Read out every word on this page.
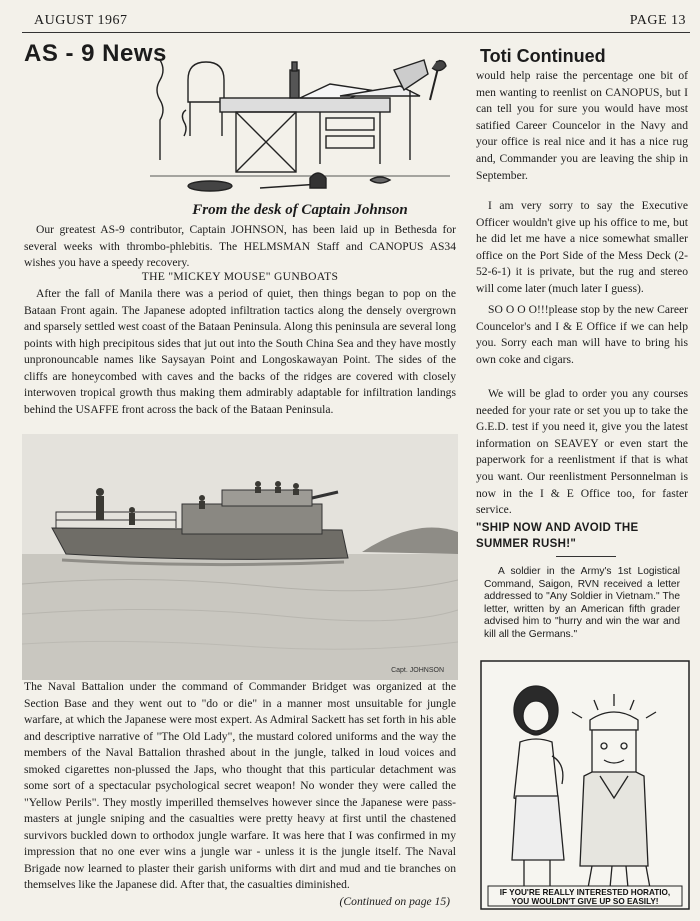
AUGUST 1967	PAGE 13
AS - 9 News
From the desk of Captain Johnson
Our greatest AS-9 contributor, Captain JOHNSON, has been laid up in Bethesda for several weeks with thrombo-phlebitis. The HELMSMAN Staff and CANOPUS AS34 wishes you have a speedy recovery.
THE "MICKEY MOUSE" GUNBOATS
After the fall of Manila there was a period of quiet, then things began to pop on the Bataan Front again. The Japanese adopted infiltration tactics along the densely overgrown and sparsely settled west coast of the Bataan Peninsula. Along this peninsula are several long points with high precipitous sides that jut out into the South China Sea and they have mostly unpronouncable names like Saysayan Point and Longoskawayan Point. The sides of the cliffs are honeycombed with caves and the backs of the ridges are covered with closely interwoven tropical growth thus making them admirably adaptable for infiltration landings behind the USAFFE front across the back of the Bataan Peninsula.
Capt. JOHNSON
The Naval Battalion under the command of Commander Bridget was organized at the Section Base and they went out to "do or die" in a manner most unsuitable for jungle warfare, at which the Japanese were most expert. As Admiral Sackett has set forth in his able and descriptive narrative of "The Old Lady", the mustard colored uniforms and the way the members of the Naval Battalion thrashed about in the jungle, talked in loud voices and smoked cigarettes non-plussed the Japs, who thought that this particular detachment was some sort of a spectacular psychological secret weapon! No wonder they were called the "Yellow Perils". They mostly imperilled themselves however since the Japanese were pass-masters at jungle sniping and the casualties were pretty heavy at first until the chastened survivors buckled down to orthodox jungle warfare. It was here that I was confirmed in my impression that no one ever wins a jungle war - unless it is the jungle itself. The Naval Brigade now learned to plaster their garish uniforms with dirt and mud and tie branches on themselves like the Japanese did. After that, the casualties diminished.
(Continued on page 15)
Toti Continued
would help raise the percentage one bit of men wanting to reenlist on CANOPUS, but I can tell you for sure you would have most satified Career Councelor in the Navy and your office is real nice and it has a nice rug and, Commander you are leaving the ship in September.
I am very sorry to say the Executive Officer wouldn't give up his office to me, but he did let me have a nice somewhat smaller office on the Port Side of the Mess Deck (2-52-6-1) it is private, but the rug and stereo will come later (much later I guess).
SO O O O!!!please stop by the new Career Councelor's and I & E Office if we can help you. Sorry each man will have to bring his own coke and cigars.
We will be glad to order you any courses needed for your rate or set you up to take the G.E.D. test if you need it, give you the latest information on SEAVEY or even start the paperwork for a reenlistment if that is what you want. Our reenlistment Personnelman is now in the I & E Office too, for faster service.
"SHIP NOW AND AVOID THE SUMMER RUSH!"
A soldier in the Army's 1st Logistical Command, Saigon, RVN received a letter addressed to "Any Soldier in Vietnam." The letter, written by an American fifth grader advised him to "hurry and win the war and kill all the Germans."
IF YOU'RE REALLY INTERESTED HORATIO,
YOU WOULDN'T GIVE UP SO EASILY!
